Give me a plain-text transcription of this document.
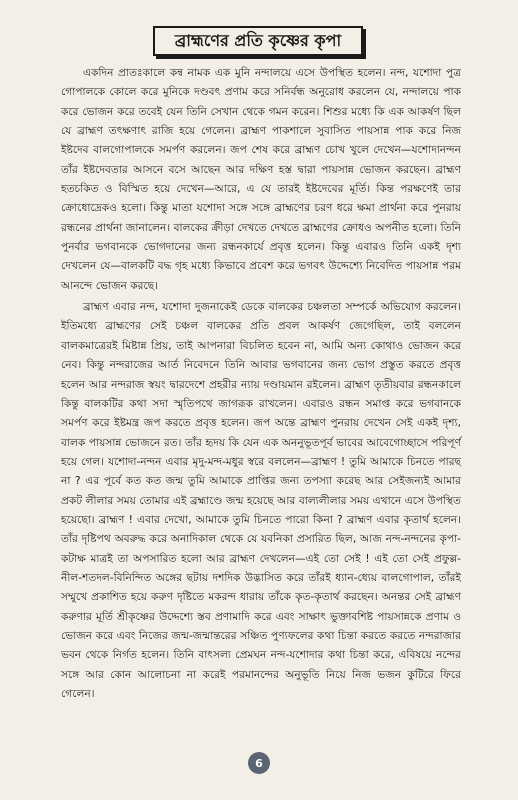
ব্রাহ্মণের প্রতি কৃষ্ণের কৃপা

একদিন প্রাতঃকালে কন্ব নামক এক মুনি নন্দালয়ে এসে উপস্থিত হলেন। নন্দ, যশোদা পুত্র গোপালকে কোলে করে মুনিকে দণ্ডবৎ প্রণাম করে সনির্বন্ধ অনুরোধ করলেন যে, নন্দালয়ে পাক করে ভোজন করে তবেই যেন তিনি সেখান থেকে গমন করেন। শিশুর মধ্যে কি এক আকর্ষণ ছিল যে ব্রাহ্মণ তৎক্ষণাৎ রাজি হয়ে গেলেন। ব্রাহ্মণ পাকশালে সুবাসিত পায়সান্ন পাক করে নিজ ইষ্টদেব বালগোপালকে সমর্পণ করলেন। জপ শেষ করে ব্রাহ্মণ চোখ খুলে দেখেন—যশোদানন্দন তাঁর ইষ্টদেবতার আসনে বসে আছেন আর দক্ষিণ হস্ত দ্বারা পায়সান্ন ভোজন করছেন। ব্রাহ্মণ হতচকিত ও বিস্মিত হয়ে দেখেন—আরে, এ যে তারই ইষ্টদেবের মূর্তি। কিন্ত পরক্ষণেই তার ক্রোধোদ্রেকও হলো। কিন্তু মাতা যশোদা সঙ্গে সঙ্গে ব্রাহ্মণের চরণ ধরে ক্ষমা প্রার্থনা করে পুনরায় রন্ধনের প্রার্থনা জানালেন। বালকের ক্রীড়া দেখতে দেখতে ব্রাহ্মণের ক্রোধও অপনীত হলো। তিনি পুনর্বার ভগবানকে ভোগদানের জন্য রন্ধনকার্যে প্রবৃত্ত হলেন। কিন্তু এবারও তিনি একই দৃশ্য দেখলেন যে—বালকটি বদ্ধ গৃহ মধ্যে কিভাবে প্রবেশ করে ভগবৎ উদ্দেশ্যে নিবেদিত পায়সান্ন পরম আনন্দে ভোজন করছে।

ব্রাহ্মণ এবার নন্দ, যশোদা দুজনাকেই ডেকে বালকের চঞ্চলতা সম্পর্কে অভিযোগ করলেন। ইতিমধ্যে ব্রাহ্মণের সেই চঞ্চল বালকের প্রতি প্রবল আকর্ষণ জেগেছিল, তাই বললেন বালকমাত্রেরই মিষ্টান্ন প্রিয়, তাই আপনারা বিচলিত হবেন না, আমি অন্য কোথাও ভোজন করে নেব। কিন্তু নন্দরাজের আর্ত নিবেদনে তিনি আবার ভগবানের জন্য ভোগ প্রস্তুত করতে প্রবৃত্ত হলেন আর নন্দরাজ স্বয়ং দ্বারদেশে প্রহরীর ন্যায় দণ্ডায়মান রইলেন। ব্রাহ্মণ তৃতীয়বার রন্ধনকালে কিন্তু বালকটির কথা সদা স্মৃতিপথে জাগরূক রাখলেন। এবারও রন্ধন সমাপ্ত করে ভগবানকে সমর্পণ করে ইষ্টমন্ত্র জপ করতে প্রবৃত্ত হলেন। জপ অন্তে ব্রাহ্মণ পুনরায় দেখেন সেই একই দৃশ্য, বালক পায়সান্ন ভোজনে রত। তাঁর হৃদয় কি যেন এক অননুভূতপূর্ব ভাবের আবেগোচ্ছাসে পরিপূর্ণ হয়ে গেল। যশোদা-নন্দন এবার মৃদু-মন্দ-মধুর স্বরে বললেন—ব্রাহ্মণ ! তুমি আমাকে চিনতে পারছ না ? এর পূর্বে কত কত জন্ম তুমি আমাকে প্রাপ্তির জন্য তপস্যা করেছ আর সেইজন্যই আমার প্রকট লীলার সময় তোমার এই ব্রহ্মাণ্ডে জন্ম হয়েছে আর বাল্যলীলার সময় এখানে এসে উপস্থিত হয়েছো। ব্রাহ্মণ ! এবার দেখো, আমাকে তুমি চিনতে পারো কিনা ? ব্রাহ্মণ এবার কৃতার্থ হলেন। তাঁর দৃষ্টিপথ অবরুদ্ধ করে অনাদিকাল থেকে যে যবনিকা প্রসারিত ছিল, আজ নন্দ-নন্দনের কৃপা-কটাক্ষ মাত্রই তা অপসারিত হলো আর ব্রাহ্মণ দেখলেন—এই তো সেই ! এই তো সেই প্রফুল্ল-নীল-শতদল-বিনিন্দিত অঙ্গের ছটায় দশদিক উদ্ভাসিত করে তাঁরই ধ্যান-ধ্যেয় বালগোপাল, তাঁরই সম্মুখে প্রকাশিত হয়ে করুণ দৃষ্টিতে মকরন্দ ধারায় তাঁকে কৃত-কৃতার্থ করছেন। অনন্তর সেই ব্রাহ্মণ করুণার মূর্তি শ্রীকৃষ্ণের উদ্দেশ্যে স্তব প্রণামাদি করে এবং সাক্ষাৎ ভুক্তাবশিষ্ট পায়সান্নকে প্রণাম ও ভোজন করে এবং নিজের জন্ম-জন্মান্তরের সঞ্চিত পুণ্যফলের কথা চিন্তা করতে করতে নন্দরাজার ভবন থেকে নির্গত হলেন। তিনি বাৎসল্য প্রেমঘন নন্দ-যশোদার কথা চিন্তা করে, এবিষয়ে নন্দের সঙ্গে আর কোন আলোচনা না করেই পরমানন্দের অনুভূতি নিয়ে নিজ ভজন কুটিরে ফিরে গেলেন।

6
